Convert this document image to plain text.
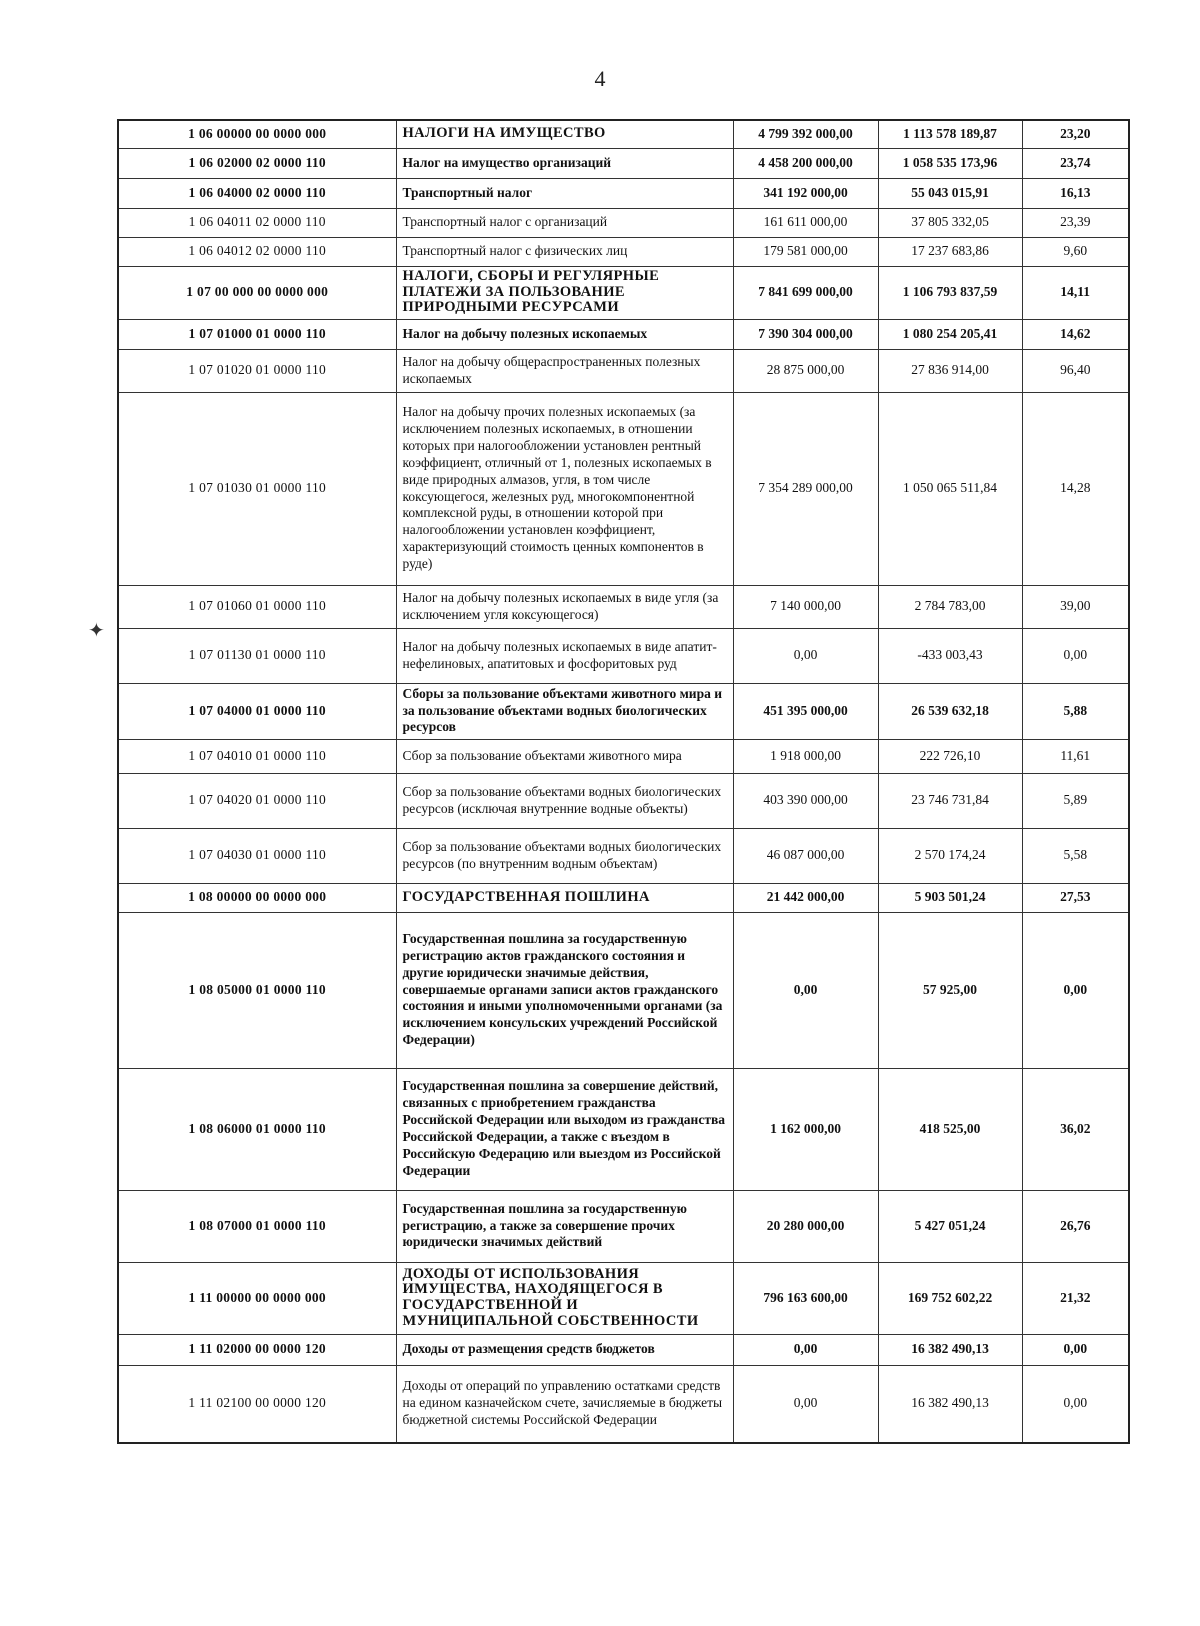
4
✦
1 06 00000 00 0000 000	НАЛОГИ НА ИМУЩЕСТВО	4 799 392 000,00	1 113 578 189,87	23,20
1 06 02000 02 0000 110	Налог на имущество организаций	4 458 200 000,00	1 058 535 173,96	23,74
1 06 04000 02 0000 110	Транспортный налог	341 192 000,00	55 043 015,91	16,13
1 06 04011 02 0000 110	Транспортный налог с организаций	161 611 000,00	37 805 332,05	23,39
1 06 04012 02 0000 110	Транспортный налог с физических лиц	179 581 000,00	17 237 683,86	9,60
1 07 00 000 00 0000 000	НАЛОГИ, СБОРЫ И РЕГУЛЯРНЫЕ ПЛАТЕЖИ ЗА ПОЛЬЗОВАНИЕ ПРИРОДНЫМИ РЕСУРСАМИ	7 841 699 000,00	1 106 793 837,59	14,11
1 07 01000 01 0000 110	Налог на добычу полезных ископаемых	7 390 304 000,00	1 080 254 205,41	14,62
1 07 01020 01 0000 110	Налог на добычу общераспространенных полезных ископаемых	28 875 000,00	27 836 914,00	96,40
1 07 01030 01 0000 110	Налог на добычу прочих полезных ископаемых (за исключением полезных ископаемых, в отношении которых при налогообложении установлен рентный коэффициент, отличный от 1, полезных ископаемых в виде природных алмазов, угля, в том числе коксующегося, железных руд, многокомпонентной комплексной руды, в отношении которой при налогообложении установлен коэффициент, характеризующий стоимость ценных компонентов в руде)	7 354 289 000,00	1 050 065 511,84	14,28
1 07 01060 01 0000 110	Налог на добычу полезных ископаемых в виде угля (за исключением угля коксующегося)	7 140 000,00	2 784 783,00	39,00
1 07 01130 01 0000 110	Налог на добычу полезных ископаемых в виде апатит-нефелиновых, апатитовых и фосфоритовых руд	0,00	-433 003,43	0,00
1 07 04000 01 0000 110	Сборы за пользование объектами животного мира и за пользование объектами водных биологических ресурсов	451 395 000,00	26 539 632,18	5,88
1 07 04010 01 0000 110	Сбор за пользование объектами животного мира	1 918 000,00	222 726,10	11,61
1 07 04020 01 0000 110	Сбор за пользование объектами водных биологических ресурсов (исключая внутренние водные объекты)	403 390 000,00	23 746 731,84	5,89
1 07 04030 01 0000 110	Сбор за пользование объектами водных биологических ресурсов (по внутренним водным объектам)	46 087 000,00	2 570 174,24	5,58
1 08 00000 00 0000 000	ГОСУДАРСТВЕННАЯ ПОШЛИНА	21 442 000,00	5 903 501,24	27,53
1 08 05000 01 0000 110	Государственная пошлина за государственную регистрацию актов гражданского состояния и другие юридически значимые действия, совершаемые органами записи актов гражданского состояния и иными уполномоченными органами (за исключением консульских учреждений Российской Федерации)	0,00	57 925,00	0,00
1 08 06000 01 0000 110	Государственная пошлина за совершение действий, связанных с приобретением гражданства Российской Федерации или выходом из гражданства Российской Федерации, а также с въездом в Российскую Федерацию или выездом из Российской Федерации	1 162 000,00	418 525,00	36,02
1 08 07000 01 0000 110	Государственная пошлина за государственную регистрацию, а также за совершение прочих юридически значимых действий	20 280 000,00	5 427 051,24	26,76
1 11 00000 00 0000 000	ДОХОДЫ ОТ ИСПОЛЬЗОВАНИЯ ИМУЩЕСТВА, НАХОДЯЩЕГОСЯ В ГОСУДАРСТВЕННОЙ И МУНИЦИПАЛЬНОЙ СОБСТВЕННОСТИ	796 163 600,00	169 752 602,22	21,32
1 11 02000 00 0000 120	Доходы от размещения средств бюджетов	0,00	16 382 490,13	0,00
1 11 02100 00 0000 120	Доходы от операций по управлению остатками средств на едином казначейском счете, зачисляемые в бюджеты бюджетной системы Российской Федерации	0,00	16 382 490,13	0,00
